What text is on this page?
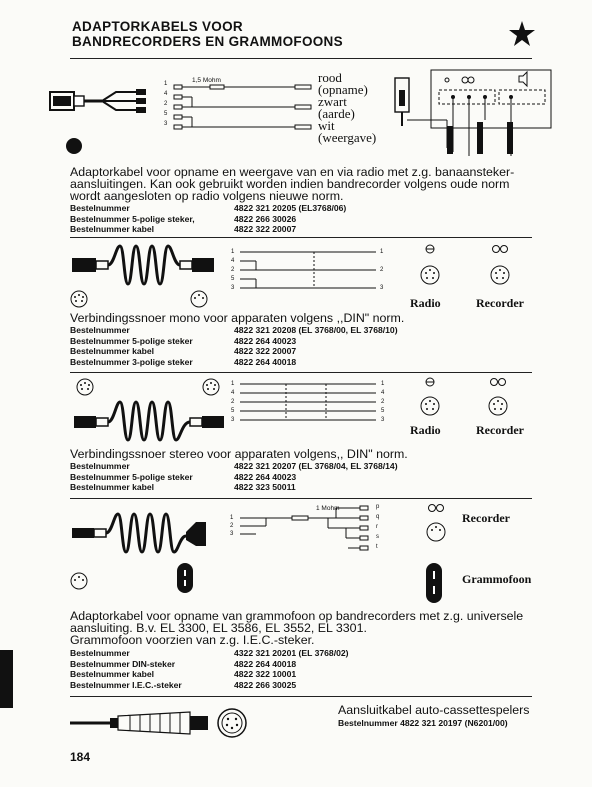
ADAPTORKABELS VOOR
BANDRECORDERS EN GRAMMOFOONS
1
4
2
5
3
1,5 Mohm	rood
(opname)
zwart
(aarde)
wit
(weergave)
Adaptorkabel voor opname en weergave van en via radio met z.g. banaansteker-
aansluitingen. Kan ook gebruikt worden indien bandrecorder volgens oude norm
wordt aangesloten op radio volgens nieuwe norm.
Bestelnummer	4822 321 20205 (EL3768/06)
Bestelnummer 5-polige steker,	4822 266 30026
Bestelnummer kabel	4822 322 20007
1
4
2
5
3
1
2
3
Radio	Recorder
Verbindingssnoer mono voor apparaten volgens ,,DIN" norm.
Bestelnummer	4822 321 20208 (EL 3768/00, EL 3768/10)
Bestelnummer 5-polige steker	4822 264 40023
Bestelnummer kabel	4822 322 20007
Bestelnummer 3-polige steker	4822 264 40018
1
4
2
5
3
1
4
2
5
3
Radio	Recorder
Verbindingssnoer stereo voor apparaten volgens,, DIN" norm.
Bestelnummer	4822 321 20207 (EL 3768/04, EL 3768/14)
Bestelnummer 5-polige steker	4822 264 40023
Bestelnummer kabel	4822 323 50011
1
2
3
1 Mohm	p
q
r
s
t
Recorder
Grammofoon
Adaptorkabel voor opname van grammofoon op bandrecorders met z.g. universele
aansluiting. B.v. EL 3300, EL 3586, EL 3552, EL 3301.
Grammofoon voorzien van z.g. I.E.C.-steker.
Bestelnummer	4322 321 20201 (EL 3768/02)
Bestelnummer DIN-steker	4822 264 40018
Bestelnummer kabel	4822 322 10001
Bestelnummer I.E.C.-steker	4822 266 30025
Aansluitkabel auto-cassettespelers
Bestelnummer 4822 321 20197 (N6201/00)
184
